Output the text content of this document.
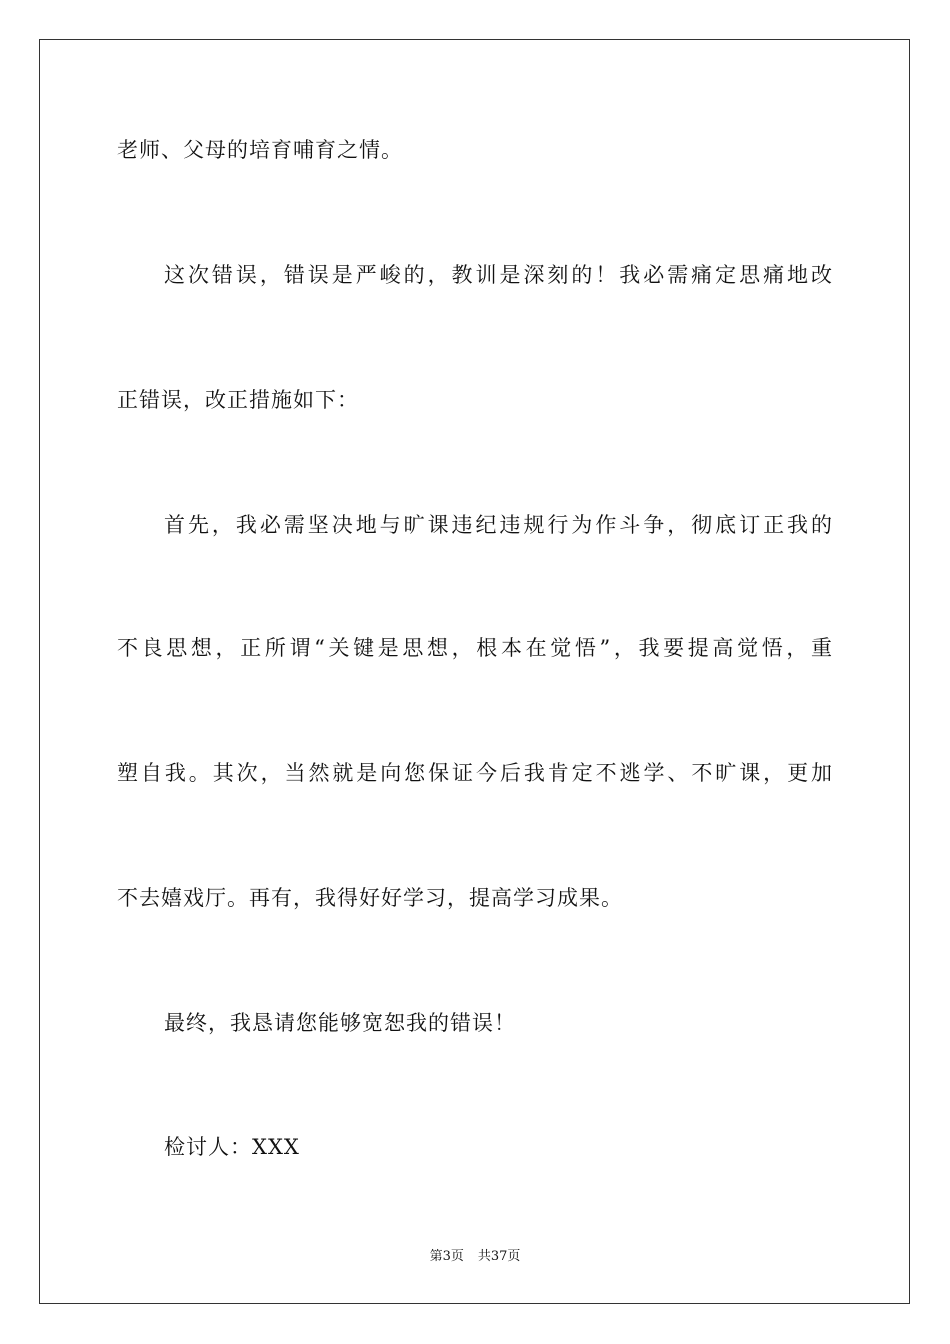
老师、父母的培育哺育之情。
这次错误，错误是严峻的，教训是深刻的！我必需痛定思痛地改
正错误，改正措施如下：
首先，我必需坚决地与旷课违纪违规行为作斗争，彻底订正我的
不良思想，正所谓“关键是思想，根本在觉悟”，我要提高觉悟，重
塑自我。其次，当然就是向您保证今后我肯定不逃学、不旷课，更加
不去嬉戏厅。再有，我得好好学习，提高学习成果。
最终，我恳请您能够宽恕我的错误！
检讨人：XXX
第3页 共37页
